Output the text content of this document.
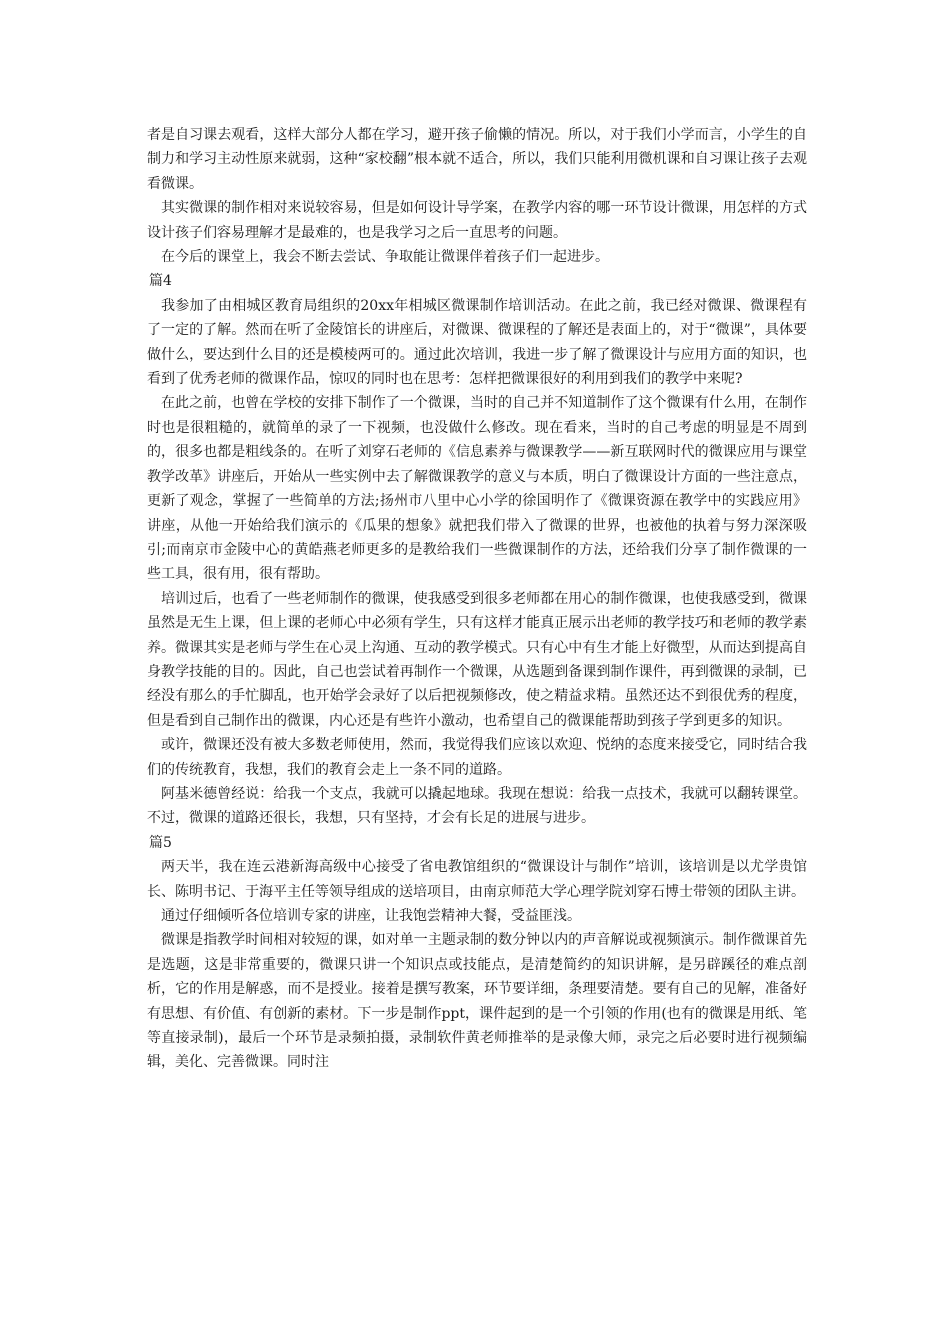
者是自习课去观看，这样大部分人都在学习，避开孩子偷懒的情况。所以，对于我们小学而言，小学生的自制力和学习主动性原来就弱，这种“家校翻”根本就不适合，所以，我们只能利用微机课和自习课让孩子去观看微课。

其实微课的制作相对来说较容易，但是如何设计导学案，在教学内容的哪一环节设计微课，用怎样的方式设计孩子们容易理解才是最难的，也是我学习之后一直思考的问题。

在今后的课堂上，我会不断去尝试、争取能让微课伴着孩子们一起进步。

篇4

我参加了由相城区教育局组织的20xx年相城区微课制作培训活动。在此之前，我已经对微课、微课程有了一定的了解。然而在听了金陵馆长的讲座后，对微课、微课程的了解还是表面上的，对于“微课”，具体要做什么，要达到什么目的还是模棱两可的。通过此次培训，我进一步了解了微课设计与应用方面的知识，也看到了优秀老师的微课作品，惊叹的同时也在思考：怎样把微课很好的利用到我们的教学中来呢?

在此之前，也曾在学校的安排下制作了一个微课，当时的自己并不知道制作了这个微课有什么用，在制作时也是很粗糙的，就简单的录了一下视频，也没做什么修改。现在看来，当时的自己考虑的明显是不周到的，很多也都是粗线条的。在听了刘穿石老师的《信息素养与微课教学——新互联网时代的微课应用与课堂教学改革》讲座后，开始从一些实例中去了解微课教学的意义与本质，明白了微课设计方面的一些注意点，更新了观念，掌握了一些简单的方法;扬州市八里中心小学的徐国明作了《微课资源在教学中的实践应用》讲座，从他一开始给我们演示的《瓜果的想象》就把我们带入了微课的世界，也被他的执着与努力深深吸引;而南京市金陵中心的黄皓燕老师更多的是教给我们一些微课制作的方法，还给我们分享了制作微课的一些工具，很有用，很有帮助。

培训过后，也看了一些老师制作的微课，使我感受到很多老师都在用心的制作微课，也使我感受到，微课虽然是无生上课，但上课的老师心中必须有学生，只有这样才能真正展示出老师的教学技巧和老师的教学素养。微课其实是老师与学生在心灵上沟通、互动的教学模式。只有心中有生才能上好微型，从而达到提高自身教学技能的目的。因此，自己也尝试着再制作一个微课，从选题到备课到制作课件，再到微课的录制，已经没有那么的手忙脚乱，也开始学会录好了以后把视频修改，使之精益求精。虽然还达不到很优秀的程度，但是看到自己制作出的微课，内心还是有些许小激动，也希望自己的微课能帮助到孩子学到更多的知识。

或许，微课还没有被大多数老师使用，然而，我觉得我们应该以欢迎、悦纳的态度来接受它，同时结合我们的传统教育，我想，我们的教育会走上一条不同的道路。

阿基米德曾经说：给我一个支点，我就可以撬起地球。我现在想说：给我一点技术，我就可以翻转课堂。不过，微课的道路还很长，我想，只有坚持，才会有长足的进展与进步。

篇5

两天半，我在连云港新海高级中心接受了省电教馆组织的“微课设计与制作”培训，该培训是以尤学贵馆长、陈明书记、于海平主任等领导组成的送培项目，由南京师范大学心理学院刘穿石博士带领的团队主讲。

通过仔细倾听各位培训专家的讲座，让我饱尝精神大餐，受益匪浅。

微课是指教学时间相对较短的课，如对单一主题录制的数分钟以内的声音解说或视频演示。制作微课首先是选题，这是非常重要的，微课只讲一个知识点或技能点，是清楚简约的知识讲解，是另辟蹊径的难点剖析，它的作用是解惑，而不是授业。接着是撰写教案，环节要详细，条理要清楚。要有自己的见解，准备好有思想、有价值、有创新的素材。下一步是制作ppt，课件起到的是一个引领的作用(也有的微课是用纸、笔等直接录制)，最后一个环节是录频拍摄，录制软件黄老师推举的是录像大师，录完之后必要时进行视频编辑，美化、完善微课。同时注
